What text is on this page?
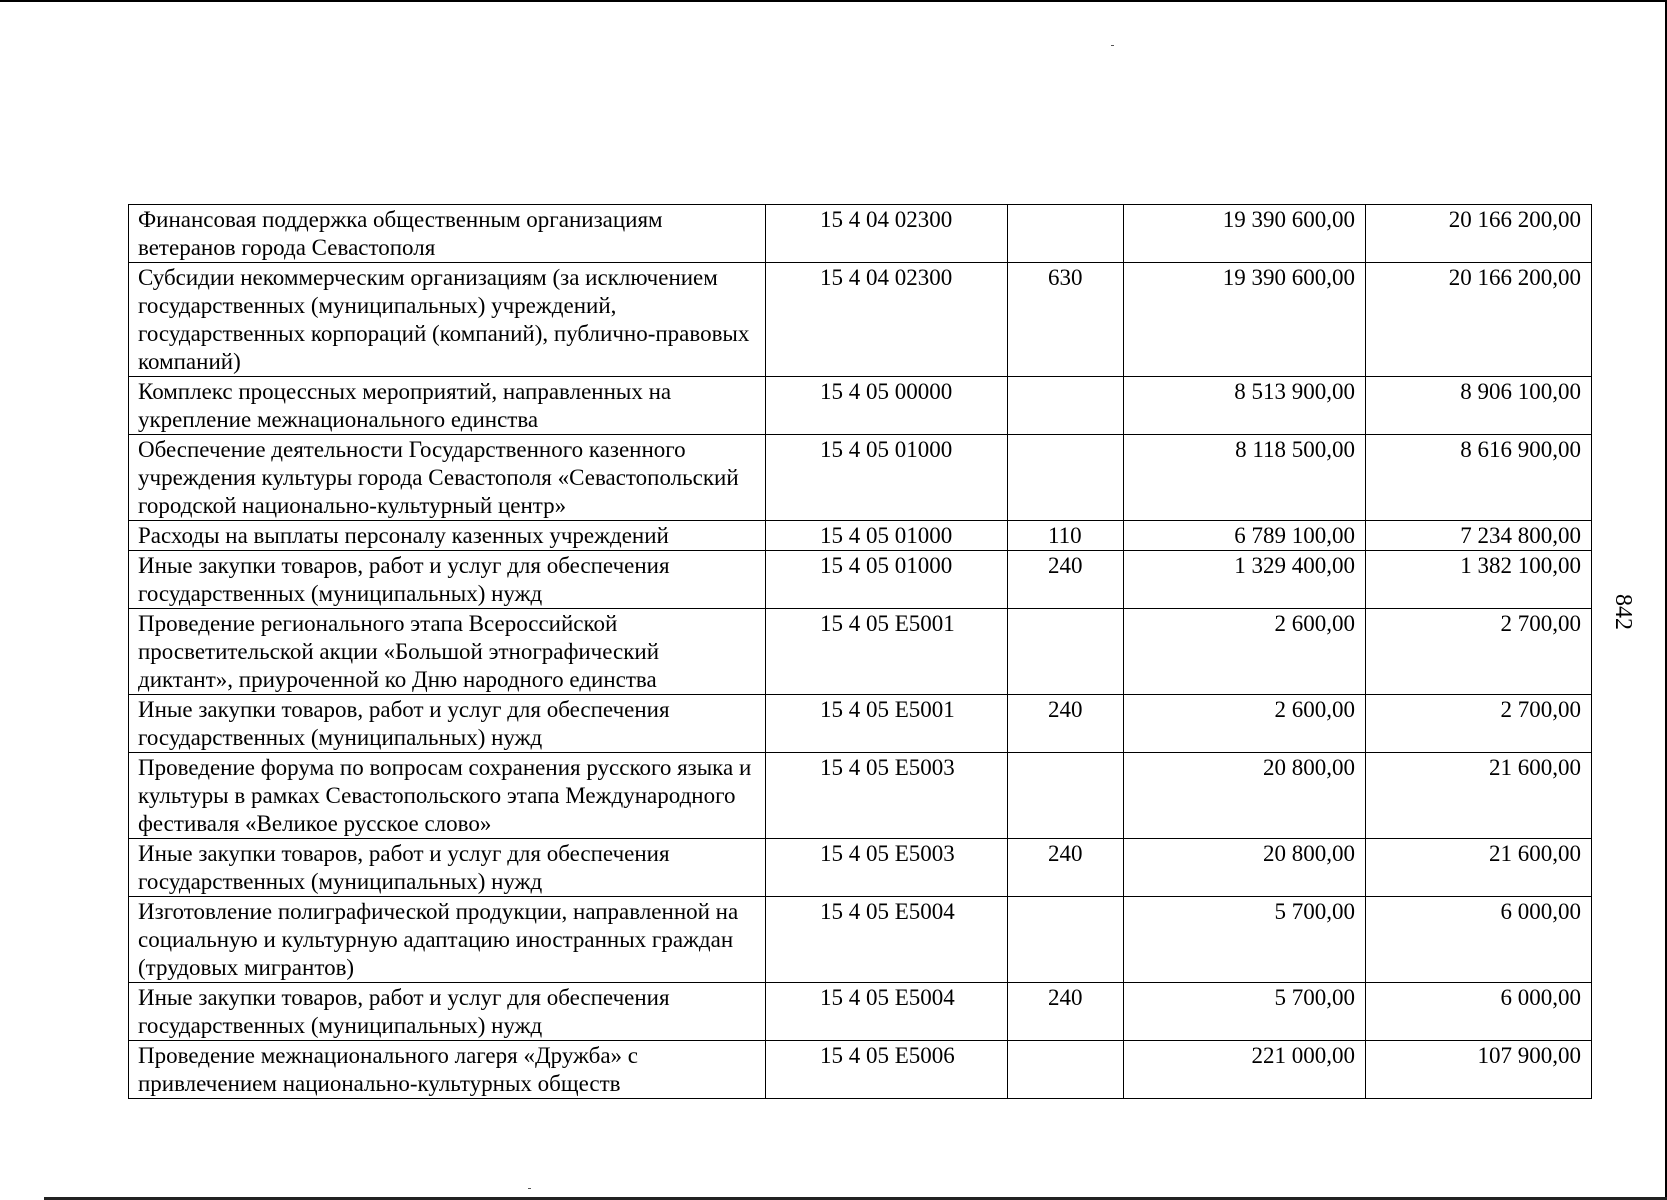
Финансовая поддержка общественным организациям ветеранов города Севастополя	15 4 04 02300		19 390 600,00	20 166 200,00
Субсидии некоммерческим организациям (за исключением государственных (муниципальных) учреждений, государственных корпораций (компаний), публично-правовых компаний)	15 4 04 02300	630	19 390 600,00	20 166 200,00
Комплекс процессных мероприятий, направленных на укрепление межнационального единства	15 4 05 00000		8 513 900,00	8 906 100,00
Обеспечение деятельности Государственного казенного учреждения культуры города Севастополя «Севастопольский городской национально-культурный центр»	15 4 05 01000		8 118 500,00	8 616 900,00
Расходы на выплаты персоналу казенных учреждений	15 4 05 01000	110	6 789 100,00	7 234 800,00
Иные закупки товаров, работ и услуг для обеспечения государственных (муниципальных) нужд	15 4 05 01000	240	1 329 400,00	1 382 100,00
Проведение регионального этапа Всероссийской просветительской акции «Большой этнографический диктант», приуроченной ко Дню народного единства	15 4 05 E5001		2 600,00	2 700,00
Иные закупки товаров, работ и услуг для обеспечения государственных (муниципальных) нужд	15 4 05 E5001	240	2 600,00	2 700,00
Проведение форума по вопросам сохранения русского языка и культуры в рамках Севастопольского этапа Международного фестиваля «Великое русское слово»	15 4 05 E5003		20 800,00	21 600,00
Иные закупки товаров, работ и услуг для обеспечения государственных (муниципальных) нужд	15 4 05 E5003	240	20 800,00	21 600,00
Изготовление полиграфической продукции, направленной на социальную и культурную адаптацию иностранных граждан (трудовых мигрантов)	15 4 05 E5004		5 700,00	6 000,00
Иные закупки товаров, работ и услуг для обеспечения государственных (муниципальных) нужд	15 4 05 E5004	240	5 700,00	6 000,00
Проведение межнационального лагеря «Дружба» с привлечением национально-культурных обществ	15 4 05 E5006		221 000,00	107 900,00
842
